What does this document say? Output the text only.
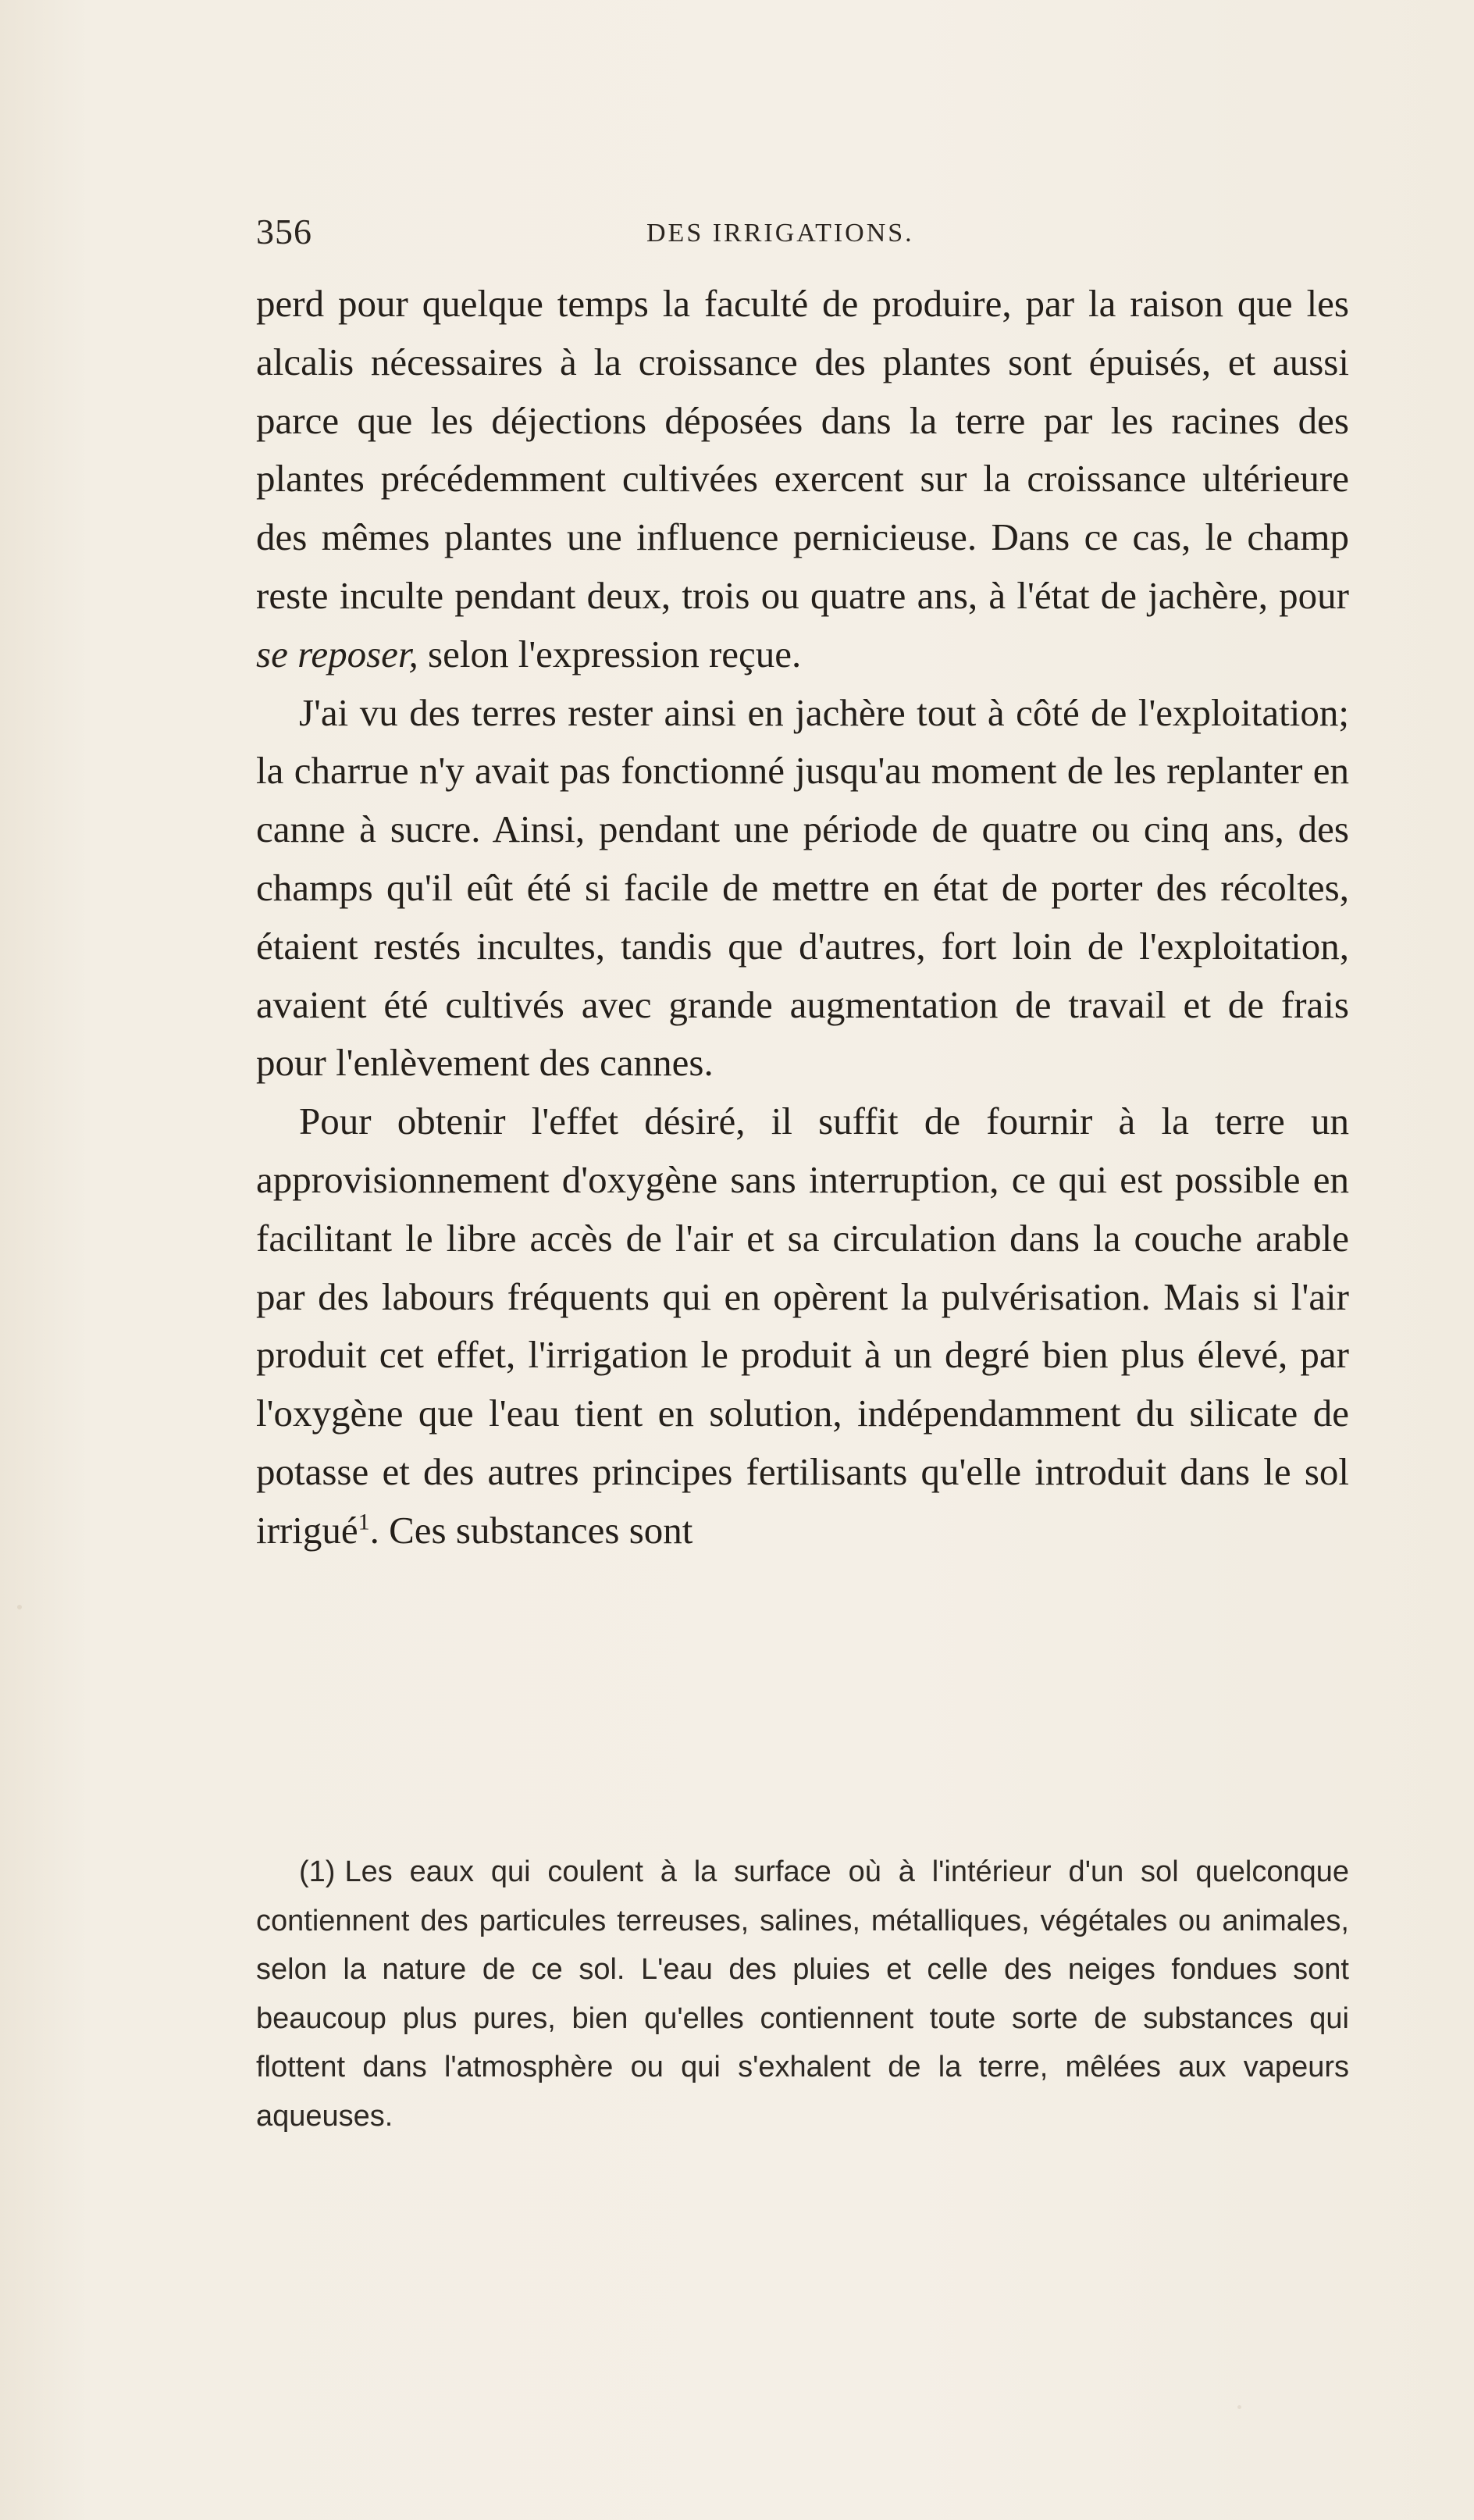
356	DES IRRIGATIONS.

perd pour quelque temps la faculté de produire, par la raison que les alcalis nécessaires à la croissance des plantes sont épuisés, et aussi parce que les déjections déposées dans la terre par les racines des plantes précédemment cultivées exercent sur la croissance ultérieure des mêmes plantes une influence pernicieuse. Dans ce cas, le champ reste inculte pendant deux, trois ou quatre ans, à l'état de jachère, pour se reposer, selon l'expression reçue.

J'ai vu des terres rester ainsi en jachère tout à côté de l'exploitation; la charrue n'y avait pas fonctionné jusqu'au moment de les replanter en canne à sucre. Ainsi, pendant une période de quatre ou cinq ans, des champs qu'il eût été si facile de mettre en état de porter des récoltes, étaient restés incultes, tandis que d'autres, fort loin de l'exploitation, avaient été cultivés avec grande augmentation de travail et de frais pour l'enlèvement des cannes.

Pour obtenir l'effet désiré, il suffit de fournir à la terre un approvisionnement d'oxygène sans interruption, ce qui est possible en facilitant le libre accès de l'air et sa circulation dans la couche arable par des labours fréquents qui en opèrent la pulvérisation. Mais si l'air produit cet effet, l'irrigation le produit à un degré bien plus élevé, par l'oxygène que l'eau tient en solution, indépendamment du silicate de potasse et des autres principes fertilisants qu'elle introduit dans le sol irrigué$^1$. Ces substances sont

(1) Les eaux qui coulent à la surface où à l'intérieur d'un sol quelconque contiennent des particules terreuses, salines, métalliques, végétales ou animales, selon la nature de ce sol. L'eau des pluies et celle des neiges fondues sont beaucoup plus pures, bien qu'elles contiennent toute sorte de substances qui flottent dans l'atmosphère ou qui s'exhalent de la terre, mêlées aux vapeurs aqueuses.
